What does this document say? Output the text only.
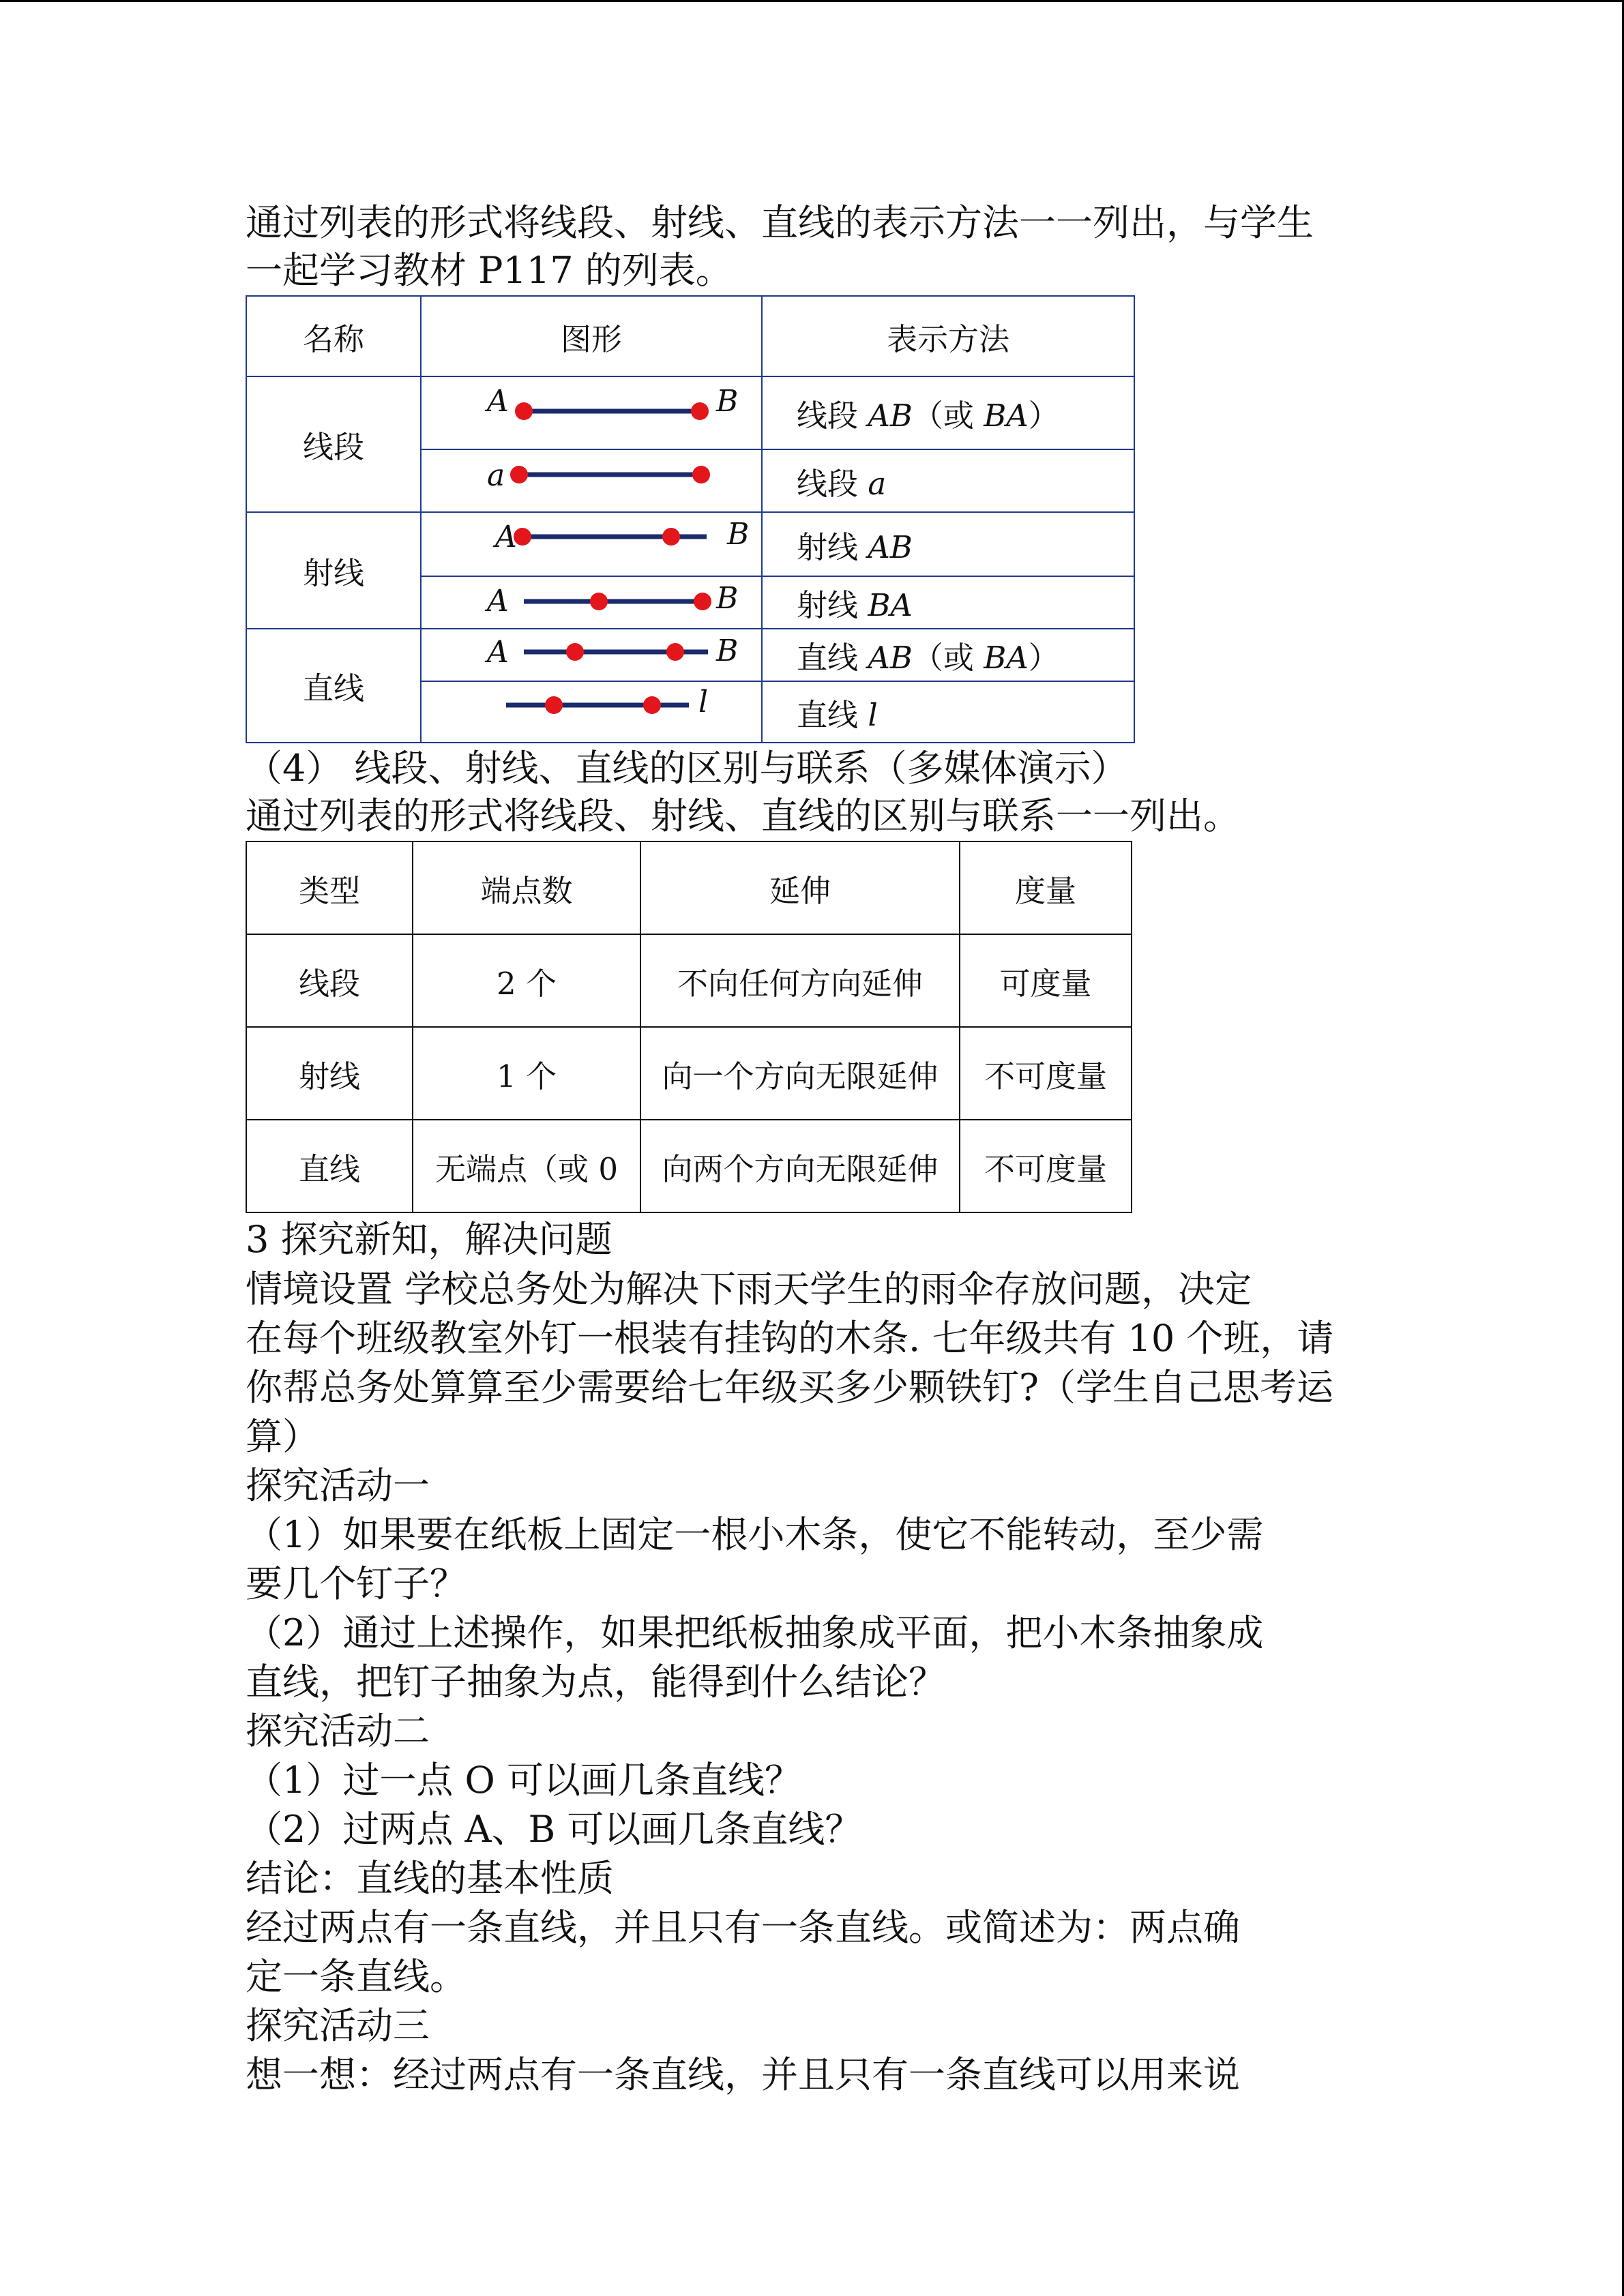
通过列表的形式将线段、射线、直线的表示方法一一列出，与学生
一起学习教材 P117 的列表。
名称	图形	表示方法
线段	A B	线段 AB（或 BA）

a	线段 a
射线	A B	射线 AB

A B	射线 BA
直线	A B	直线 AB（或 BA）

l	直线 l
（4） 线段、射线、直线的区别与联系（多媒体演示）
通过列表的形式将线段、射线、直线的区别与联系一一列出。
类型	端点数	延伸	度量
线段	2 个	不向任何方向延伸	可度量
射线	1 个	向一个方向无限延伸	不可度量
直线	无端点（或 0	向两个方向无限延伸	不可度量
3 探究新知，解决问题
情境设置 学校总务处为解决下雨天学生的雨伞存放问题，决定
在每个班级教室外钉一根装有挂钩的木条. 七年级共有 10 个班，请
你帮总务处算算至少需要给七年级买多少颗铁钉?（学生自己思考运
算）
探究活动一
（1）如果要在纸板上固定一根小木条，使它不能转动，至少需
要几个钉子？
（2）通过上述操作，如果把纸板抽象成平面，把小木条抽象成
直线，把钉子抽象为点，能得到什么结论？
探究活动二
（1）过一点 O 可以画几条直线？
（2）过两点 A、B 可以画几条直线？
结论：直线的基本性质
经过两点有一条直线，并且只有一条直线。或简述为：两点确
定一条直线。
探究活动三
想一想：经过两点有一条直线，并且只有一条直线可以用来说
